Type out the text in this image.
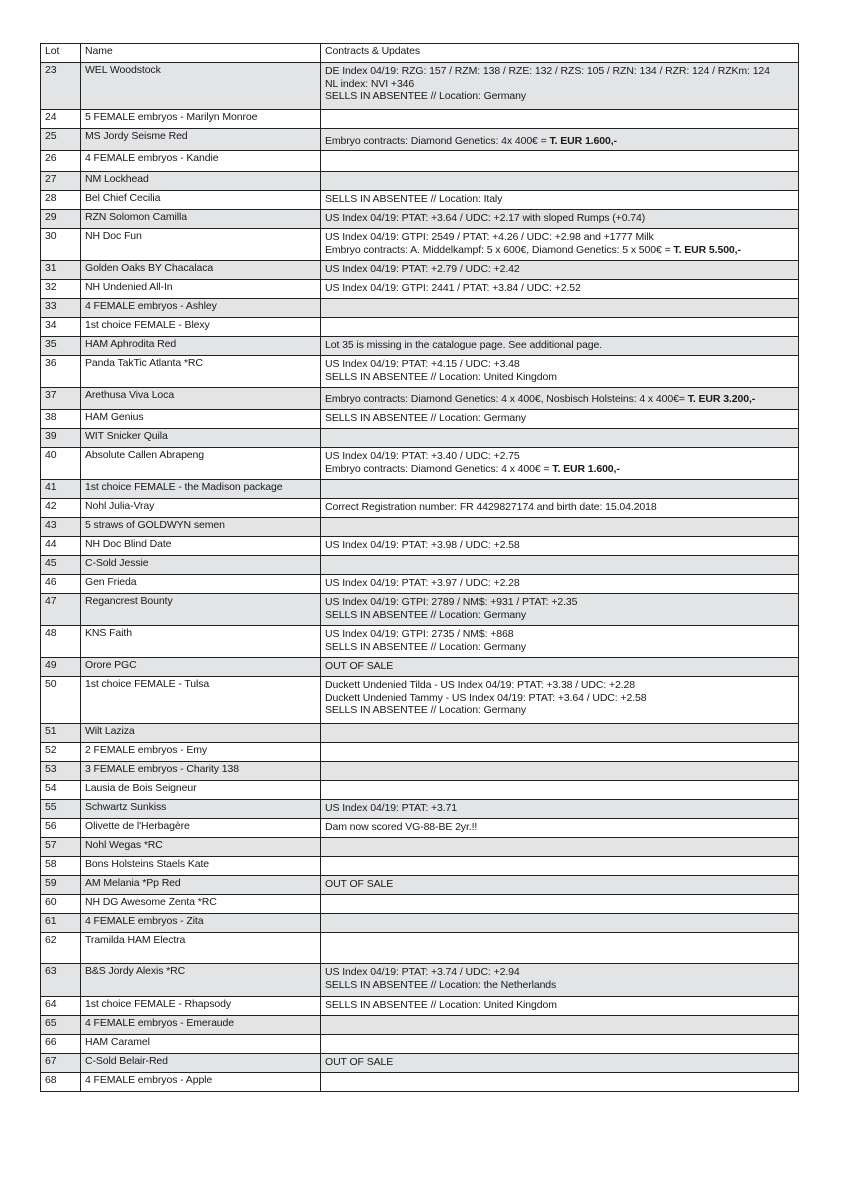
Lot	Name	Contracts & Updates
23	WEL Woodstock	DE Index 04/19: RZG: 157 / RZM: 138 / RZE: 132 / RZS: 105 / RZN: 134 / RZR: 124 / RZKm: 124
NL index: NVI +346
SELLS IN ABSENTEE // Location: Germany

24	5 FEMALE embryos - Marilyn Monroe	
25	MS Jordy Seisme Red	Embryo contracts: Diamond Genetics: 4x 400€ = T. EUR 1.600,-

26	4 FEMALE embryos - Kandie	
27	NM Lockhead	
28	Bel Chief Cecilia	SELLS IN ABSENTEE // Location: Italy

29	RZN Solomon Camilla	US Index 04/19: PTAT: +3.64 / UDC: +2.17 with sloped Rumps (+0.74)

30	NH Doc Fun	US Index 04/19: GTPI: 2549 / PTAT: +4.26 / UDC: +2.98 and +1777 Milk
Embryo contracts: A. Middelkampf: 5 x 600€, Diamond Genetics: 5 x 500€ = T. EUR 5.500,-

31	Golden Oaks BY Chacalaca	US Index 04/19: PTAT: +2.79 / UDC: +2.42

32	NH Undenied All-In	US Index 04/19: GTPI: 2441 / PTAT: +3.84 / UDC: +2.52

33	4 FEMALE embryos - Ashley	
34	1st choice FEMALE - Blexy	
35	HAM Aphrodita Red	Lot 35 is missing in the catalogue page. See additional page.

36	Panda TakTic Atlanta *RC	US Index 04/19: PTAT: +4.15 / UDC: +3.48
SELLS IN ABSENTEE // Location: United Kingdom

37	Arethusa Viva Loca	Embryo contracts: Diamond Genetics: 4 x 400€, Nosbisch Holsteins: 4 x 400€= T. EUR 3.200,-

38	HAM Genius	SELLS IN ABSENTEE // Location: Germany

39	WIT Snicker Quila	
40	Absolute Callen Abrapeng	US Index 04/19: PTAT: +3.40 / UDC: +2.75
Embryo contracts: Diamond Genetics: 4 x 400€ = T. EUR 1.600,-

41	1st choice FEMALE - the Madison package	
42	Nohl Julia-Vray	Correct Registration number: FR 4429827174 and birth date: 15.04.2018

43	5 straws of GOLDWYN semen	
44	NH Doc Blind Date	US Index 04/19: PTAT: +3.98 / UDC: +2.58

45	C-Sold Jessie	
46	Gen Frieda	US Index 04/19: PTAT: +3.97 / UDC: +2.28

47	Regancrest Bounty	US Index 04/19: GTPI: 2789 / NM$: +931 / PTAT: +2.35
SELLS IN ABSENTEE // Location: Germany

48	KNS Faith	US Index 04/19: GTPI: 2735 / NM$: +868
SELLS IN ABSENTEE // Location: Germany

49	Orore PGC	OUT OF SALE

50	1st choice FEMALE - Tulsa	Duckett Undenied Tilda - US Index 04/19: PTAT: +3.38 / UDC: +2.28
Duckett Undenied Tammy - US Index 04/19: PTAT: +3.64 / UDC: +2.58
SELLS IN ABSENTEE // Location: Germany

51	Wilt Laziza	
52	2 FEMALE embryos - Emy	
53	3 FEMALE embryos - Charity 138	
54	Lausia de Bois Seigneur	
55	Schwartz Sunkiss	US Index 04/19: PTAT: +3.71

56	Olivette de l'Herbagère	Dam now scored VG-88-BE 2yr.!!

57	Nohl Wegas *RC	
58	Bons Holsteins Staels Kate	
59	AM Melania *Pp Red	OUT OF SALE

60	NH DG Awesome Zenta *RC	
61	4 FEMALE embryos - Zita	
62	Tramilda HAM Electra	
63	B&S Jordy Alexis *RC	US Index 04/19: PTAT: +3.74 / UDC: +2.94
SELLS IN ABSENTEE // Location: the Netherlands

64	1st choice FEMALE - Rhapsody	SELLS IN ABSENTEE // Location: United Kingdom

65	4 FEMALE embryos - Emeraude	
66	HAM Caramel	
67	C-Sold Belair-Red	OUT OF SALE

68	4 FEMALE embryos - Apple	
